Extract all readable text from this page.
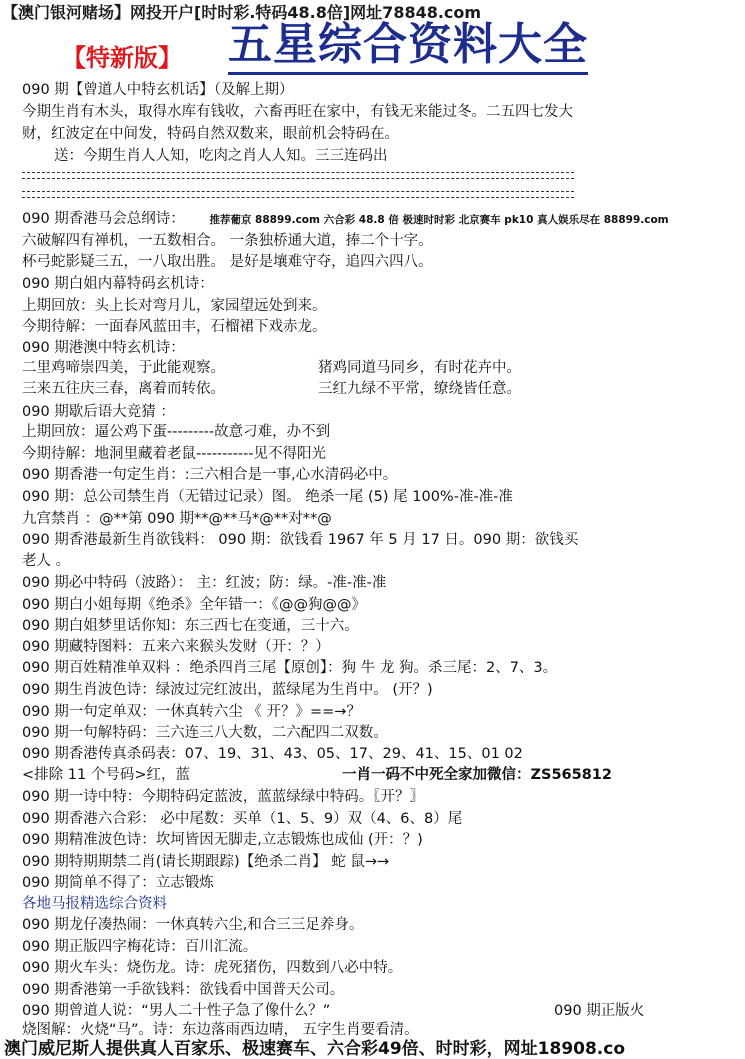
【澳门银河赌场】网投开户[时时彩.特码48.8倍]网址78848.com
【特新版】 五星综合资料大全
090 期【曾道人中特玄机话】（及解上期）
今期生肖有木头，取得水库有钱收，六畜再旺在家中，有钱无来能过冬。二五四七发大
财，红波定在中间发，特码自然双数来，眼前机会特码在。
送：今期生肖人人知，吃肉之肖人人知。三三连码出
090 期香港马会总纲诗： 推荐葡京 88899.com 六合彩 48.8 倍 极速时时彩 北京赛车 pk10 真人娱乐尽在 88899.com
六破解四有禅机，一五数相合。 一条独桥通大道，捧二个十字。
杯弓蛇影疑三五，一八取出胜。 是好是壤难守夺，追四六四八。
090 期白姐内幕特码玄机诗：
上期回放：头上长对弯月儿，家园望远处到来。
今期待解：一面春风蓝田丰，石榴裙下戏赤龙。
090 期港澳中特玄机诗：
二里鸡啼崇四美，于此能观察。	猪鸡同道马同乡，有时花卉中。
三来五往庆三春，离着而转依。	三红九绿不平常，缭绕皆任意。
090 期歇后语大竞猜 ：
上期回放：逼公鸡下蛋---------故意刁难，办不到
今期待解：地洞里藏着老鼠-----------见不得阳光
090 期香港一句定生肖：:三六相合是一事,心水清码必中。
090 期：总公司禁生肖（无错过记录）图。 绝杀一尾 (5) 尾 100%-准-准-准
九宫禁肖 ：@**第 090 期**@**马*@**对**@
090 期香港最新生肖欲钱料： 090 期：欲钱看 1967 年 5 月 17 日。090 期：欲钱买
老人 。
090 期必中特码（波路）： 主：红波；防：绿。-准-准-准
090 期白小姐每期《绝杀》全年错一：《@@狗@@》
090 期白姐梦里话你知：东三西七在变通，三十六。
090 期藏特图料：五来六来猴头发财（开：？）
090 期百姓精准单双料 ：绝杀四肖三尾【原创】：狗 牛 龙 狗。杀三尾：2、7、3。
090 期生肖波色诗：绿波过完红波出，蓝绿尾为生肖中。 (开？)
090 期一句定单双：一休真转六尘 《 开？》==→？
090 期一句解特码：三六连三八大数，二六配四二双数。
090 期香港传真杀码表：07、19、31、43、05、17、29、41、15、01 02
<排除 11 个号码>红，蓝	一肖一码不中死全家加微信：ZS565812
090 期一诗中特：今期特码定蓝波，蓝蓝绿绿中特码。〖开？〗
090 期香港六合彩： 必中尾数：买单（1、5、9）双（4、6、8）尾
090 期精准波色诗：坎坷皆因无脚走,立志锻炼也成仙 (开：？)
090 期特期期禁二肖(请长期跟踪)【绝杀二肖】 蛇 鼠→→
090 期简单不得了：立志锻炼
各地马报精选综合资料
090 期龙仔凑热闹：一休真转六尘,和合三三足养身。
090 期正版四字梅花诗：百川汇流。
090 期火车头：烧伤龙。诗：虎死猪伤，四数到八必中特。
090 期香港第一手欲钱料：欲钱看中国普天公司。
090 期曾道人说：“男人二十性子急了像什么？”	090 期正版火
烧图解：火烧“马”。诗：东边落雨西边晴， 五字生肖要看清。
澳门威尼斯人提供真人百家乐、极速赛车、六合彩49倍、时时彩，网址18908.co
